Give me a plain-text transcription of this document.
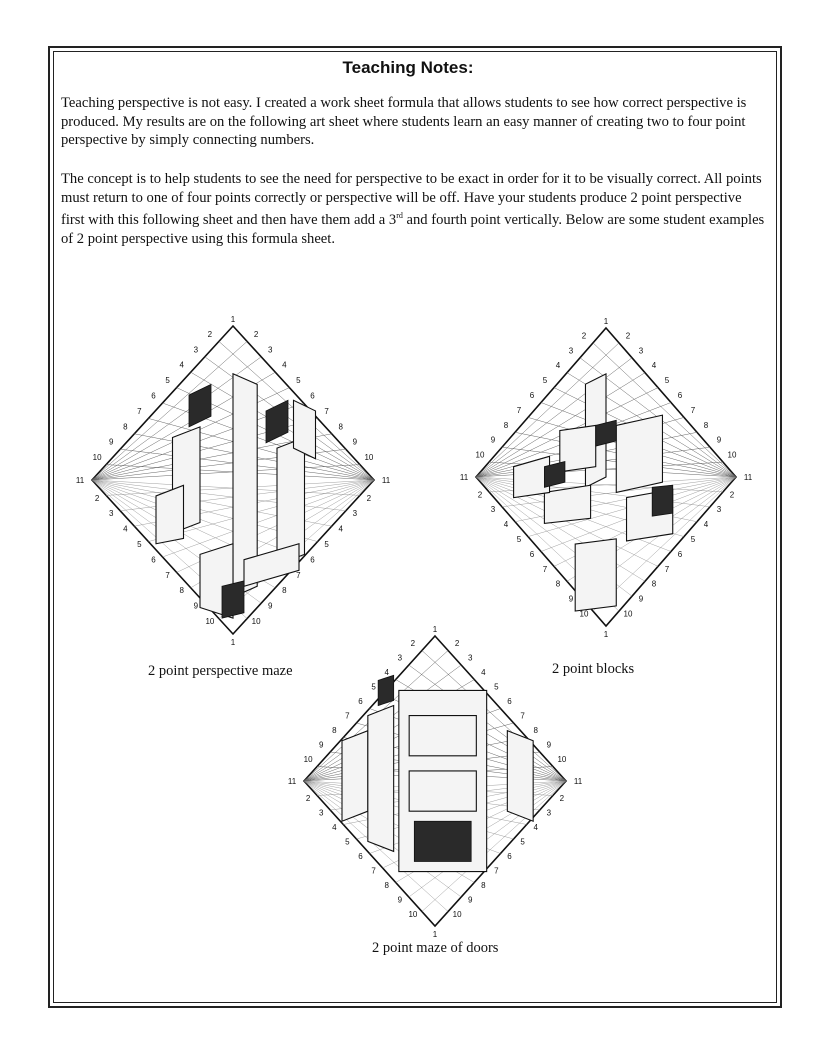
Teaching Notes:

Teaching perspective is not easy. I created a work sheet formula that allows students to see how correct perspective is produced. My results are on the following art sheet where students learn an easy manner of creating two to four point perspective by simply connecting numbers.

The concept is to help students to see the need for perspective to be exact in order for it to be visually correct. All points must return to one of four points correctly or perspective will be off. Have your students produce 2 point perspective first with this following sheet and then have them add a 3rd and fourth point vertically. Below are some student examples of 2 point perspective using this formula sheet.

2
3
4
5
6
7
8
9
10
2
3
4
5
6
7
8
9
10
2
3
4
5
6
7
8
9
10
2
3
4
5
6
7
8
9
10
1
1
11	11
2
3
4
5
6
7
8
9
10
2
3
4
5
6
7
8
9
10
2
3
4
5
6
7
8
9
10
2
3
4
5
6
7
8
9
10
1
1
11	11
2
3
4
5
6
7
8
9
10
2
3
4
5
6
7
8
9
10
2
3
4
5
6
7
8
9
10
2
3
4
5
6
7
8
9
10
1
1
11	11
2 point perspective maze	2 point blocks
2 point maze of doors
